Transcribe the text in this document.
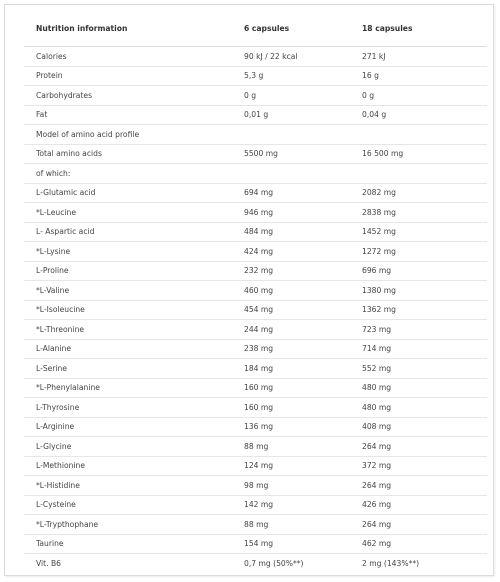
Nutrition information	6 capsules	18 capsules
Calories	90 kJ / 22 kcal	271 kJ
Protein	5,3 g	16 g
Carbohydrates	0 g	0 g
Fat	0,01 g	0,04 g
Model of amino acid profile		
Total amino acids	5500 mg	16 500 mg
of which:		
L-Glutamic acid	694 mg	2082 mg
*L-Leucine	946 mg	2838 mg
L- Aspartic acid	484 mg	1452 mg
*L-Lysine	424 mg	1272 mg
L-Proline	232 mg	696 mg
*L-Valine	460 mg	1380 mg
*L-Isoleucine	454 mg	1362 mg
*L-Threonine	244 mg	723 mg
L-Alanine	238 mg	714 mg
L-Serine	184 mg	552 mg
*L-Phenylalanine	160 mg	480 mg
L-Thyrosine	160 mg	480 mg
L-Arginine	136 mg	408 mg
L-Glycine	88 mg	264 mg
L-Methionine	124 mg	372 mg
*L-Histidine	98 mg	264 mg
L-Cysteine	142 mg	426 mg
*L-Trypthophane	88 mg	264 mg
Taurine	154 mg	462 mg
Vit. B6	0,7 mg (50%**)	2 mg (143%**)
